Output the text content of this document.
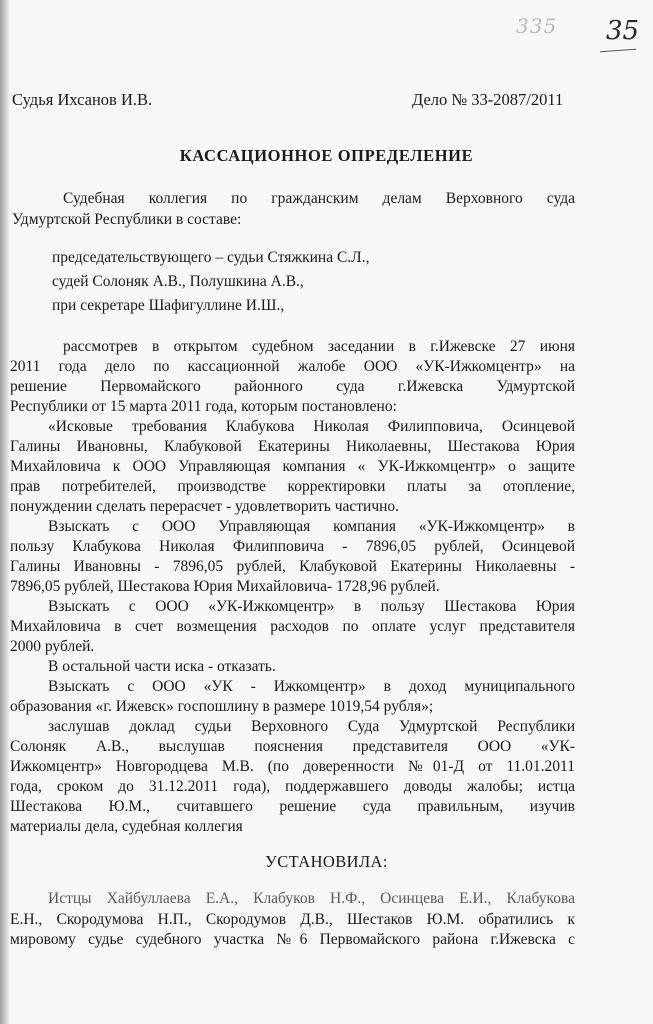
335 35
Судья Ихсанов И.В.	Дело № 33-2087/2011
КАССАЦИОННОЕ ОПРЕДЕЛЕНИЕ
Судебная коллегия по гражданским делам Верховного суда
Удмуртской Республики в составе:
председательствующего – судьи Стяжкина С.Л.,
судей Солоняк А.В., Полушкина А.В.,
при секретаре Шафигуллине И.Ш.,
рассмотрев в открытом судебном заседании в г.Ижевске 27 июня
2011 года дело по кассационной жалобе ООО «УК-Ижкомцентр» на
решение Первомайского районного суда г.Ижевска Удмуртской
Республики от 15 марта 2011 года, которым постановлено:
«Исковые требования Клабукова Николая Филипповича, Осинцевой
Галины Ивановны, Клабуковой Екатерины Николаевны, Шестакова Юрия
Михайловича к ООО Управляющая компания « УК-Ижкомцентр» о защите
прав потребителей, производстве корректировки платы за отопление,
понуждении сделать перерасчет - удовлетворить частично.
Взыскать с ООО Управляющая компания «УК-Ижкомцентр» в
пользу Клабукова Николая Филипповича - 7896,05 рублей, Осинцевой
Галины Ивановны - 7896,05 рублей, Клабуковой Екатерины Николаевны -
7896,05 рублей, Шестакова Юрия Михайловича- 1728,96 рублей.
Взыскать с ООО «УК-Ижкомцентр» в пользу Шестакова Юрия
Михайловича в счет возмещения расходов по оплате услуг представителя
2000 рублей.
В остальной части иска - отказать.
Взыскать с ООО «УК - Ижкомцентр» в доход муниципального
образования «г. Ижевск» госпошлину в размере 1019,54 рубля»;
заслушав доклад судьи Верховного Суда Удмуртской Республики
Солоняк А.В., выслушав пояснения представителя ООО «УК-
Ижкомцентр» Новгородцева М.В. (по доверенности №01-Д от 11.01.2011
года, сроком до 31.12.2011 года), поддержавшего доводы жалобы; истца
Шестакова Ю.М., считавшего решение суда правильным, изучив
материалы дела, судебная коллегия
УСТАНОВИЛА:
Истцы Хайбуллаева Е.А., Клабуков Н.Ф., Осинцева Е.И., Клабукова
Е.Н., Скородумова Н.П., Скородумов Д.В., Шестаков Ю.М. обратились к
мировому судье судебного участка №6 Первомайского района г.Ижевска с
